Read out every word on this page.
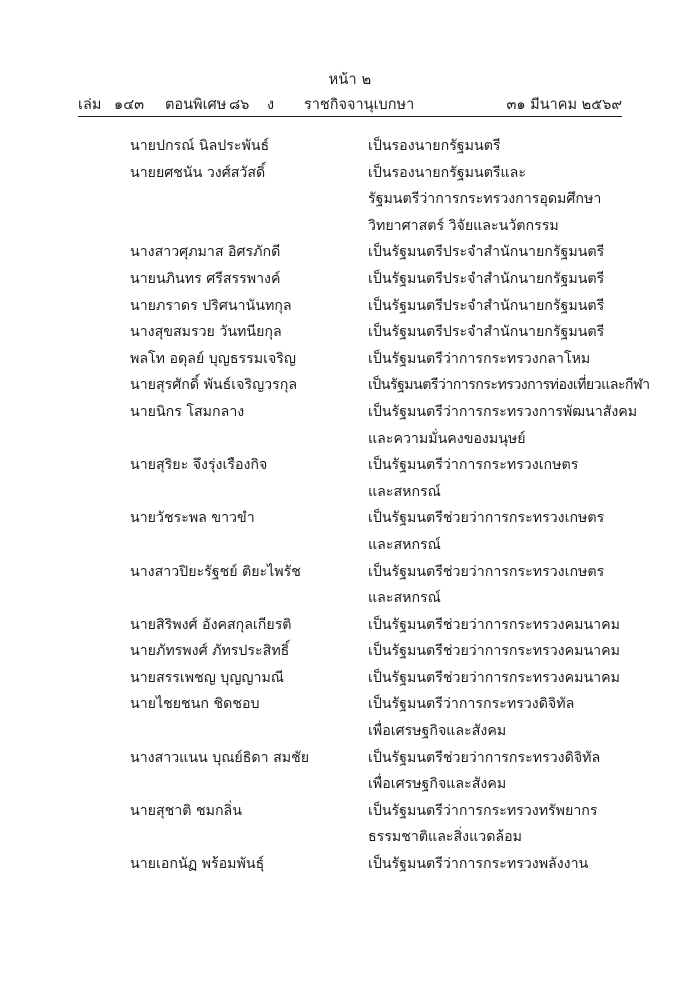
หน้า ๒
เล่ม ๑๔๓ ตอนพิเศษ ๘๖ ง ราชกิจจานุเบกษา	๓๑ มีนาคม ๒๕๖๙
นายปกรณ์ นิลประพันธ์	เป็นรองนายกรัฐมนตรี
นายยศชนัน วงศ์สวัสดิ์	เป็นรองนายกรัฐมนตรีและ
รัฐมนตรีว่าการกระทรวงการอุดมศึกษา
วิทยาศาสตร์ วิจัยและนวัตกรรม
นางสาวศุภมาส อิศรภักดี	เป็นรัฐมนตรีประจำสำนักนายกรัฐมนตรี
นายนภินทร ศรีสรรพางค์	เป็นรัฐมนตรีประจำสำนักนายกรัฐมนตรี
นายภราดร ปริศนานันทกุล	เป็นรัฐมนตรีประจำสำนักนายกรัฐมนตรี
นางสุขสมรวย วันทนียกุล	เป็นรัฐมนตรีประจำสำนักนายกรัฐมนตรี
พลโท อดุลย์ บุญธรรมเจริญ	เป็นรัฐมนตรีว่าการกระทรวงกลาโหม
นายสุรศักดิ์ พันธ์เจริญวรกุล	เป็นรัฐมนตรีว่าการกระทรวงการท่องเที่ยวและกีฬา
นายนิกร โสมกลาง	เป็นรัฐมนตรีว่าการกระทรวงการพัฒนาสังคม
และความมั่นคงของมนุษย์
นายสุริยะ จึงรุ่งเรืองกิจ	เป็นรัฐมนตรีว่าการกระทรวงเกษตร
และสหกรณ์
นายวัชระพล ขาวขำ	เป็นรัฐมนตรีช่วยว่าการกระทรวงเกษตร
และสหกรณ์
นางสาวปิยะรัฐชย์ ติยะไพรัช	เป็นรัฐมนตรีช่วยว่าการกระทรวงเกษตร
และสหกรณ์
นายสิริพงศ์ อังคสกุลเกียรติ	เป็นรัฐมนตรีช่วยว่าการกระทรวงคมนาคม
นายภัทรพงศ์ ภัทรประสิทธิ์	เป็นรัฐมนตรีช่วยว่าการกระทรวงคมนาคม
นายสรรเพชญ บุญญามณี	เป็นรัฐมนตรีช่วยว่าการกระทรวงคมนาคม
นายไชยชนก ชิดชอบ	เป็นรัฐมนตรีว่าการกระทรวงดิจิทัล
เพื่อเศรษฐกิจและสังคม
นางสาวแนน บุณย์ธิดา สมชัย	เป็นรัฐมนตรีช่วยว่าการกระทรวงดิจิทัล
เพื่อเศรษฐกิจและสังคม
นายสุชาติ ชมกลิ่น	เป็นรัฐมนตรีว่าการกระทรวงทรัพยากร
ธรรมชาติและสิ่งแวดล้อม
นายเอกนัฏ พร้อมพันธุ์	เป็นรัฐมนตรีว่าการกระทรวงพลังงาน
